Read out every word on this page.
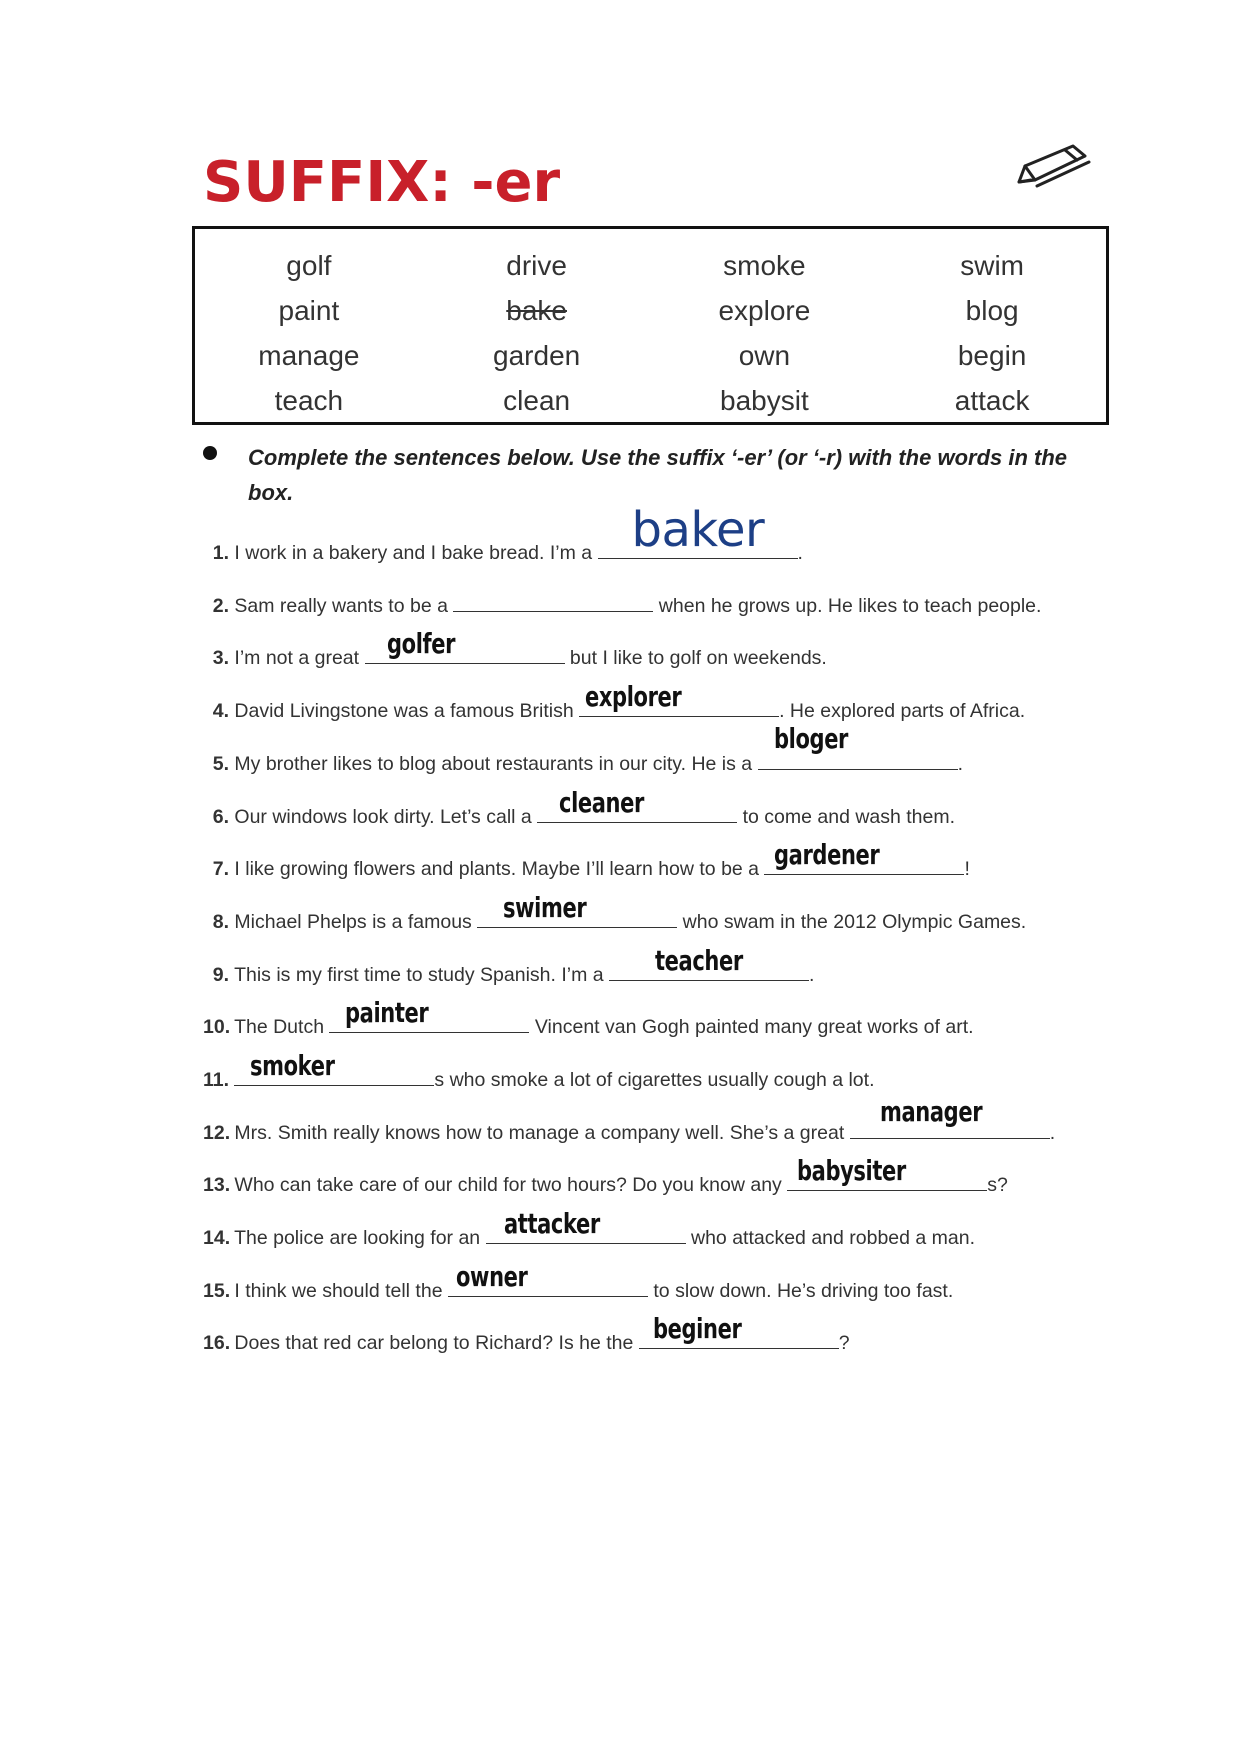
SUFFIX: -er
golf	drive	smoke	swim
paint	bake	explore	blog
manage	garden	own	begin
teach	clean	babysit	attack

Complete the sentences below. Use the suffix ‘-er’ (or ‘-r) with the words in the box.

1. I work in a bakery and I bake bread. I’m a baker .
2. Sam really wants to be a	when he grows up. He likes to teach people.
3. I’m not a great golfer	but I like to golf on weekends.
4. David Livingstone was a famous British explorer	. He explored parts of Africa.
5. My brother likes to blog about restaurants in our city. He is a
bloger
.
6. Our windows look dirty. Let’s call a cleaner	to come and wash them.
7. I like growing flowers and plants. Maybe I’ll learn how to be a gardener	!
8. Michael Phelps is a famous swimer	who swam in the 2012 Olympic Games.
9. This is my first time to study Spanish. I’m a teacher	.
10. The Dutch painter	Vincent van Gogh painted many great works of art.
11. smoker	s who smoke a lot of cigarettes usually cough a lot.
12. Mrs. Smith really knows how to manage a company well. She’s a great
manager
.
13. Who can take care of our child for two hours? Do you know any babysiter	s?
14. The police are looking for an attacker	who attacked and robbed a man.
15. I think we should tell the owner	to slow down. He’s driving too fast.
16. Does that red car belong to Richard? Is he the beginer	?
